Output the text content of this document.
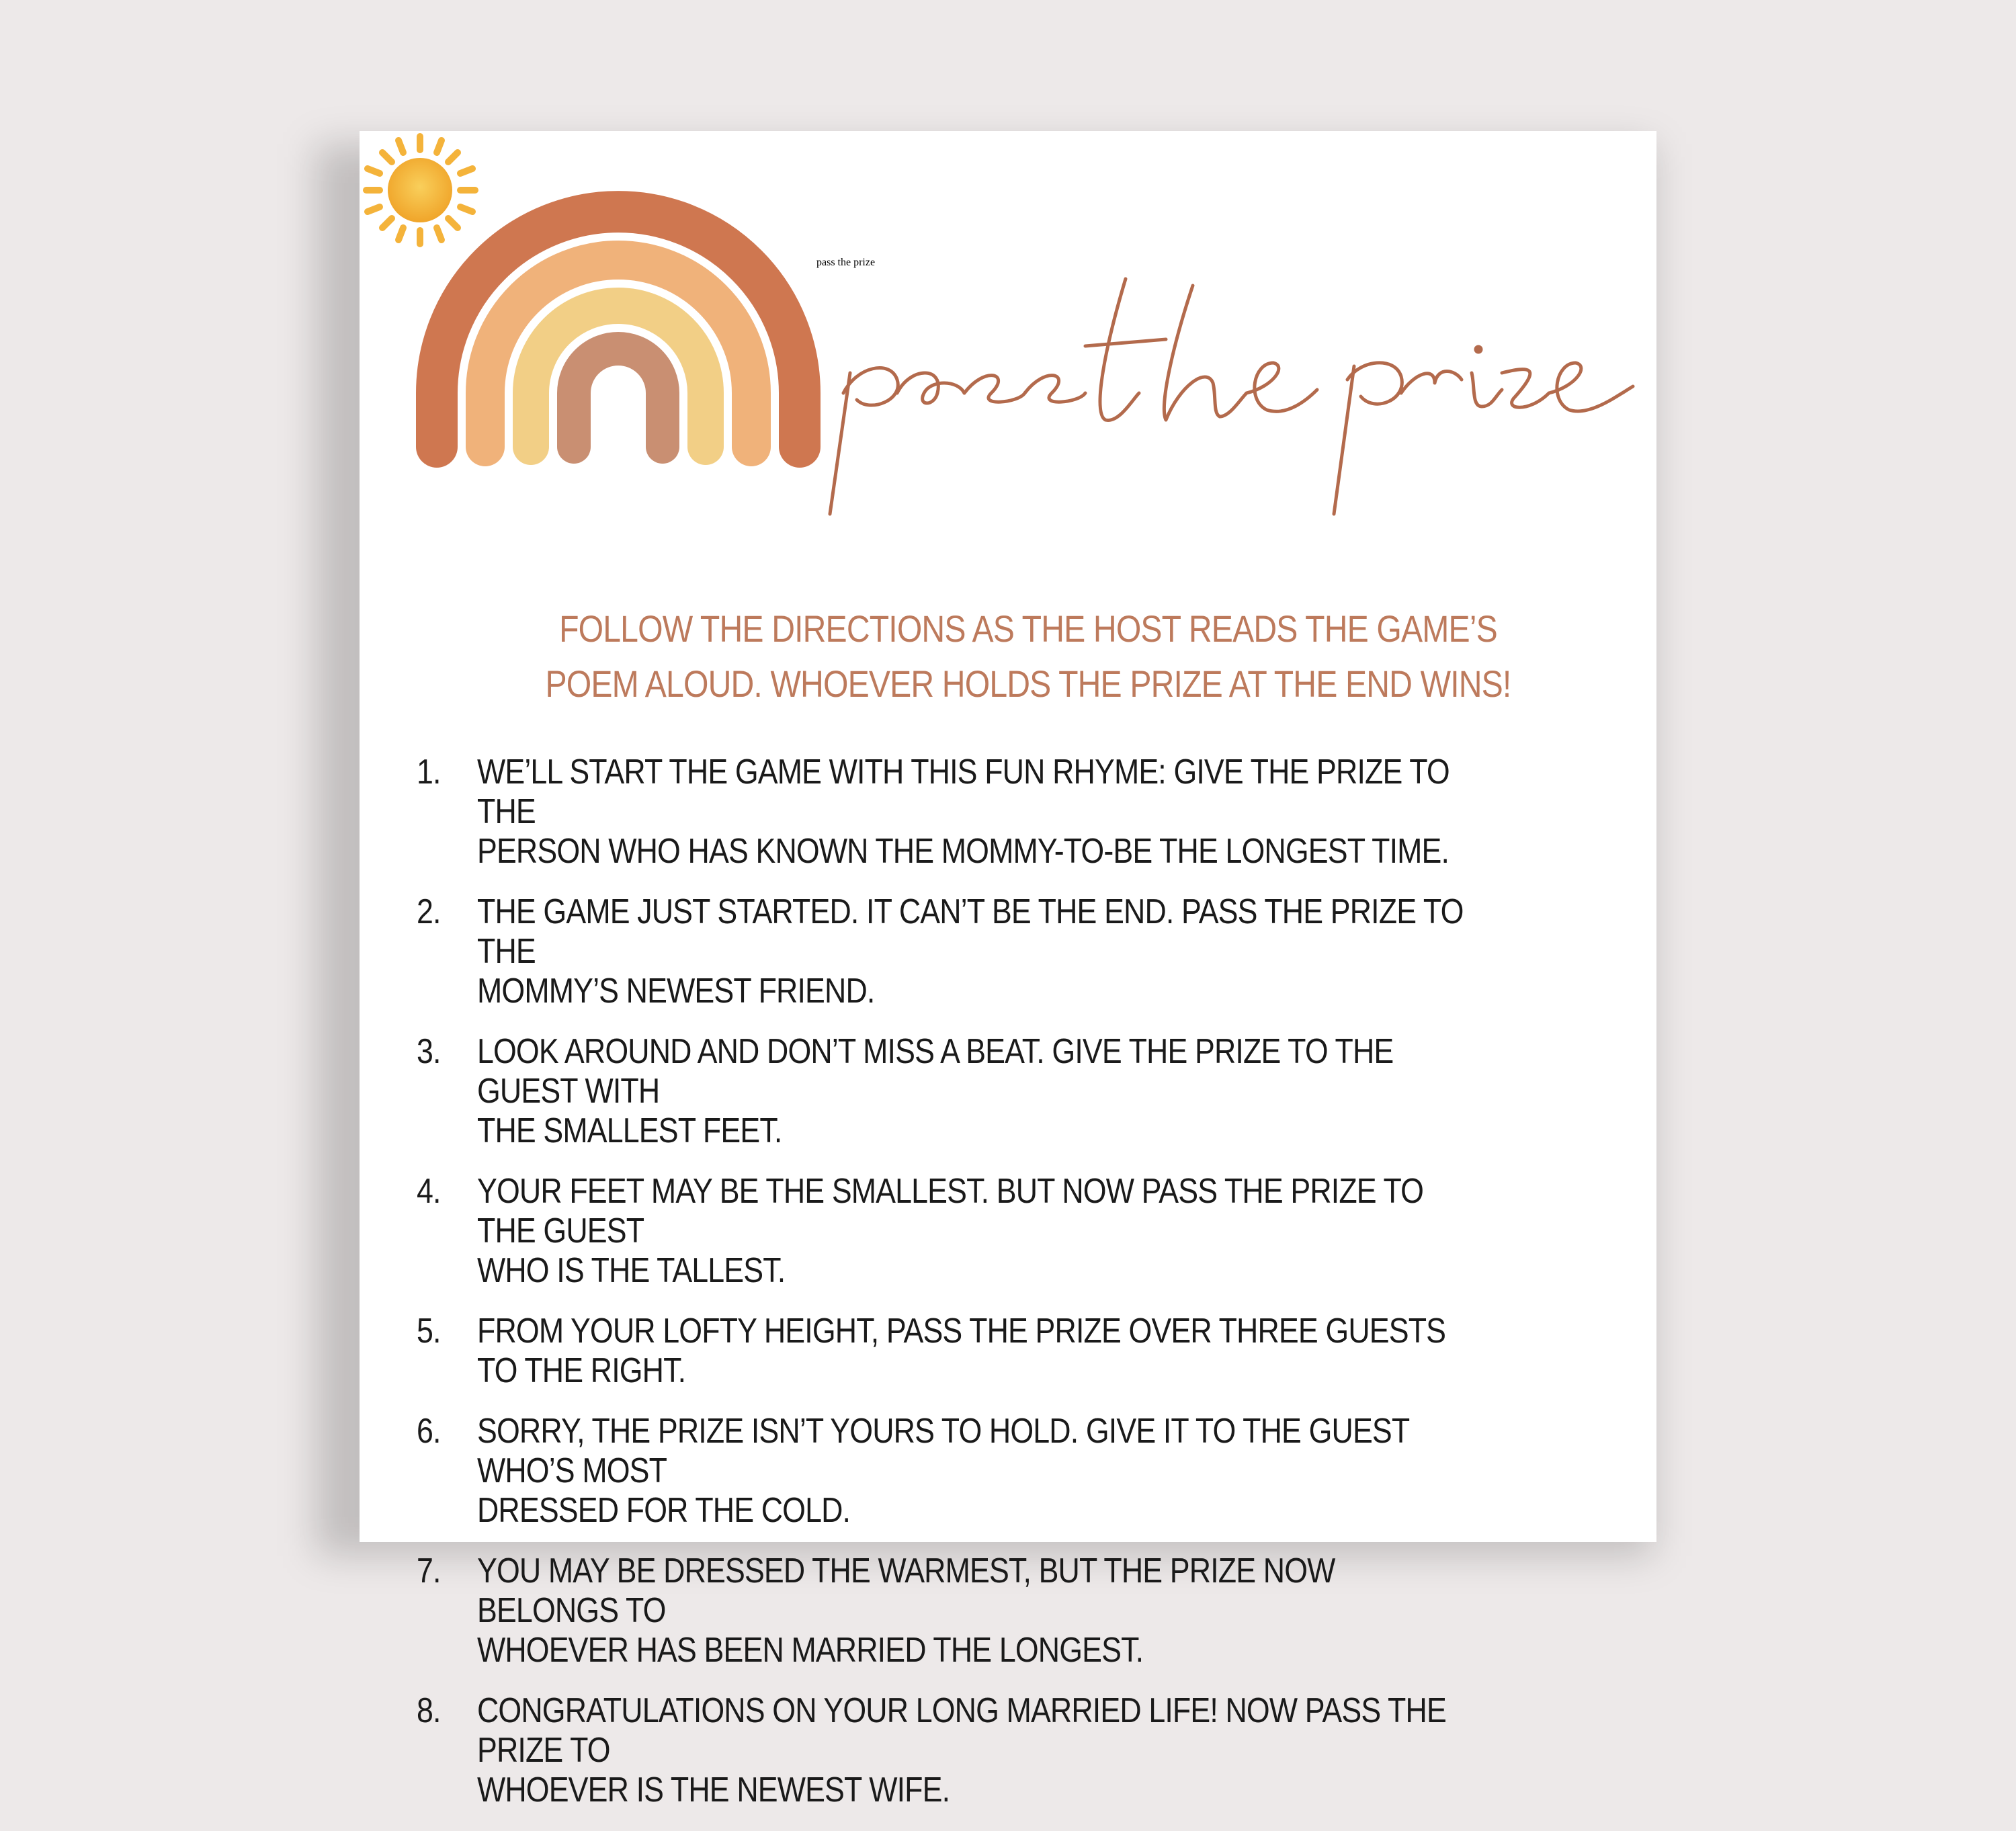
pass the prize
FOLLOW THE DIRECTIONS AS THE HOST READS THE GAME’S
POEM ALOUD. WHOEVER HOLDS THE PRIZE AT THE END WINS!
1.	WE’LL START THE GAME WITH THIS FUN RHYME: GIVE THE PRIZE TO THE
PERSON WHO HAS KNOWN THE MOMMY-TO-BE THE LONGEST TIME.
2.	THE GAME JUST STARTED. IT CAN’T BE THE END. PASS THE PRIZE TO THE
MOMMY’S NEWEST FRIEND.
3.	LOOK AROUND AND DON’T MISS A BEAT. GIVE THE PRIZE TO THE GUEST WITH
THE SMALLEST FEET.
4.	YOUR FEET MAY BE THE SMALLEST. BUT NOW PASS THE PRIZE TO THE GUEST
WHO IS THE TALLEST.
5.	FROM YOUR LOFTY HEIGHT, PASS THE PRIZE OVER THREE GUESTS TO THE RIGHT.
6.	SORRY, THE PRIZE ISN’T YOURS TO HOLD. GIVE IT TO THE GUEST WHO’S MOST
DRESSED FOR THE COLD.
7.	YOU MAY BE DRESSED THE WARMEST, BUT THE PRIZE NOW BELONGS TO
WHOEVER HAS BEEN MARRIED THE LONGEST.
8.	CONGRATULATIONS ON YOUR LONG MARRIED LIFE! NOW PASS THE PRIZE TO
WHOEVER IS THE NEWEST WIFE.
